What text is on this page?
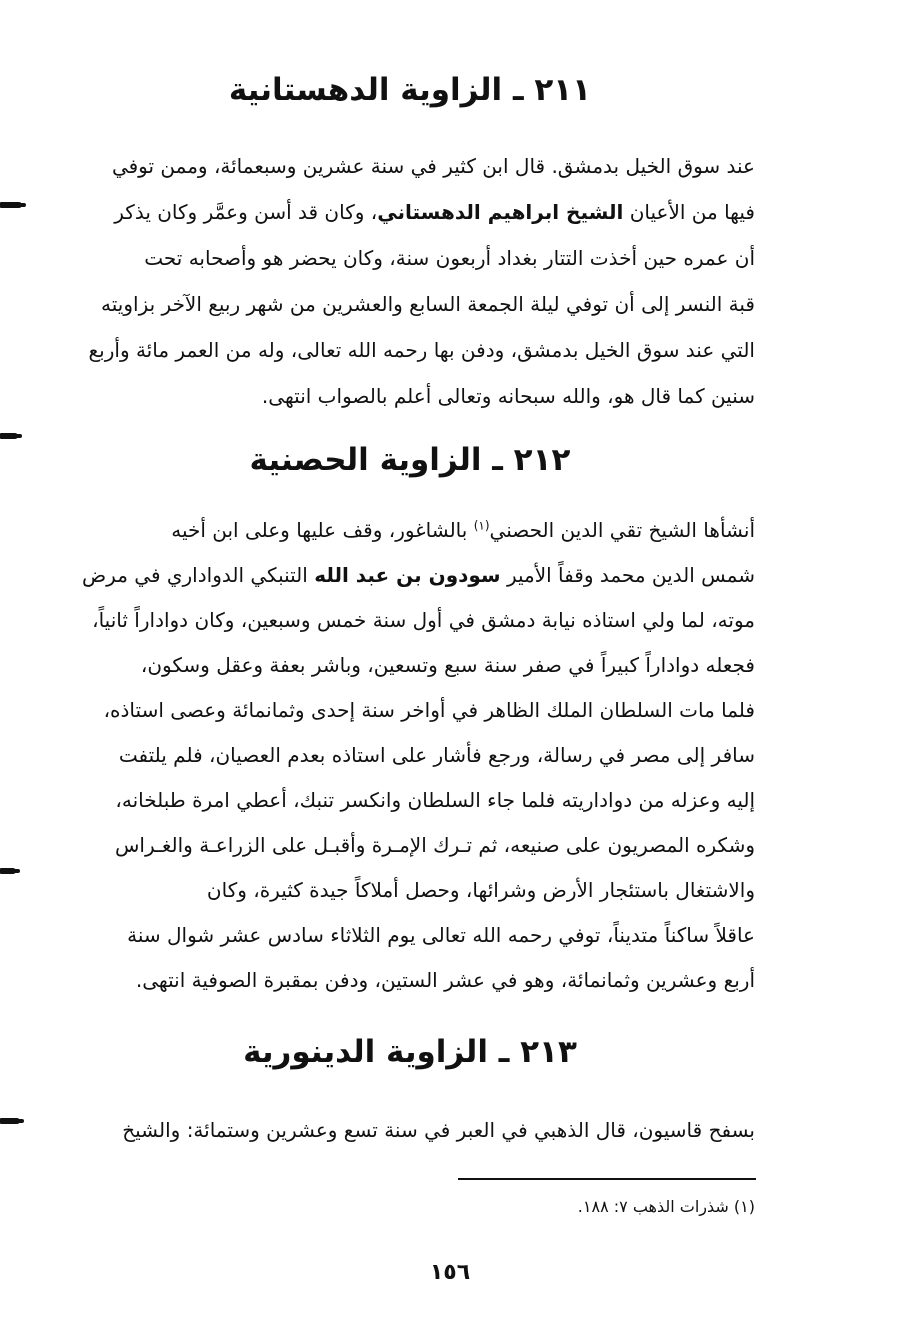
٢١١ ـ الزاوية الدهستانية
عند سوق الخيل بدمشق. قال ابن كثير في سنة عشرين وسبعمائة، وممن توفي
فيها من الأعيان الشيخ ابراهيم الدهستاني، وكان قد أسن وعمَّر وكان يذكر
أن عمره حين أخذت التتار بغداد أربعون سنة، وكان يحضر هو وأصحابه تحت
قبة النسر إلى أن توفي ليلة الجمعة السابع والعشرين من شهر ربيع الآخر بزاويته
التي عند سوق الخيل بدمشق، ودفن بها رحمه الله تعالى، وله من العمر مائة وأربع
سنين كما قال هو، والله سبحانه وتعالى أعلم بالصواب انتهى.
٢١٢ ـ الزاوية الحصنية
أنشأها الشيخ تقي الدين الحصني$^{(١)}$ بالشاغور، وقف عليها وعلى ابن أخيه
شمس الدين محمد وقفاً الأمير سودون بن عبد الله التنبكي الدواداري في مرض
موته، لما ولي استاذه نيابة دمشق في أول سنة خمس وسبعين، وكان دواداراً ثانياً،
فجعله دواداراً كبيراً في صفر سنة سبع وتسعين، وباشر بعفة وعقل وسكون،
فلما مات السلطان الملك الظاهر في أواخر سنة إحدى وثمانمائة وعصى استاذه،
سافر إلى مصر في رسالة، ورجع فأشار على استاذه بعدم العصيان، فلم يلتفت
إليه وعزله من دواداريته فلما جاء السلطان وانكسر تنبك، أعطي امرة طبلخانه،
وشكره المصريون على صنيعه، ثم تـرك الإمـرة وأقبـل على الزراعـة والغـراس
والاشتغال باستئجار الأرض وشرائها، وحصل أملاكاً جيدة كثيرة، وكان
عاقلاً ساكناً متديناً، توفي رحمه الله تعالى يوم الثلاثاء سادس عشر شوال سنة
أربع وعشرين وثمانمائة، وهو في عشر الستين، ودفن بمقبرة الصوفية انتهى.
٢١٣ ـ الزاوية الدينورية
بسفح قاسيون، قال الذهبي في العبر في سنة تسع وعشرين وستمائة: والشيخ
(١) شذرات الذهب ٧: ١٨٨.
١٥٦
